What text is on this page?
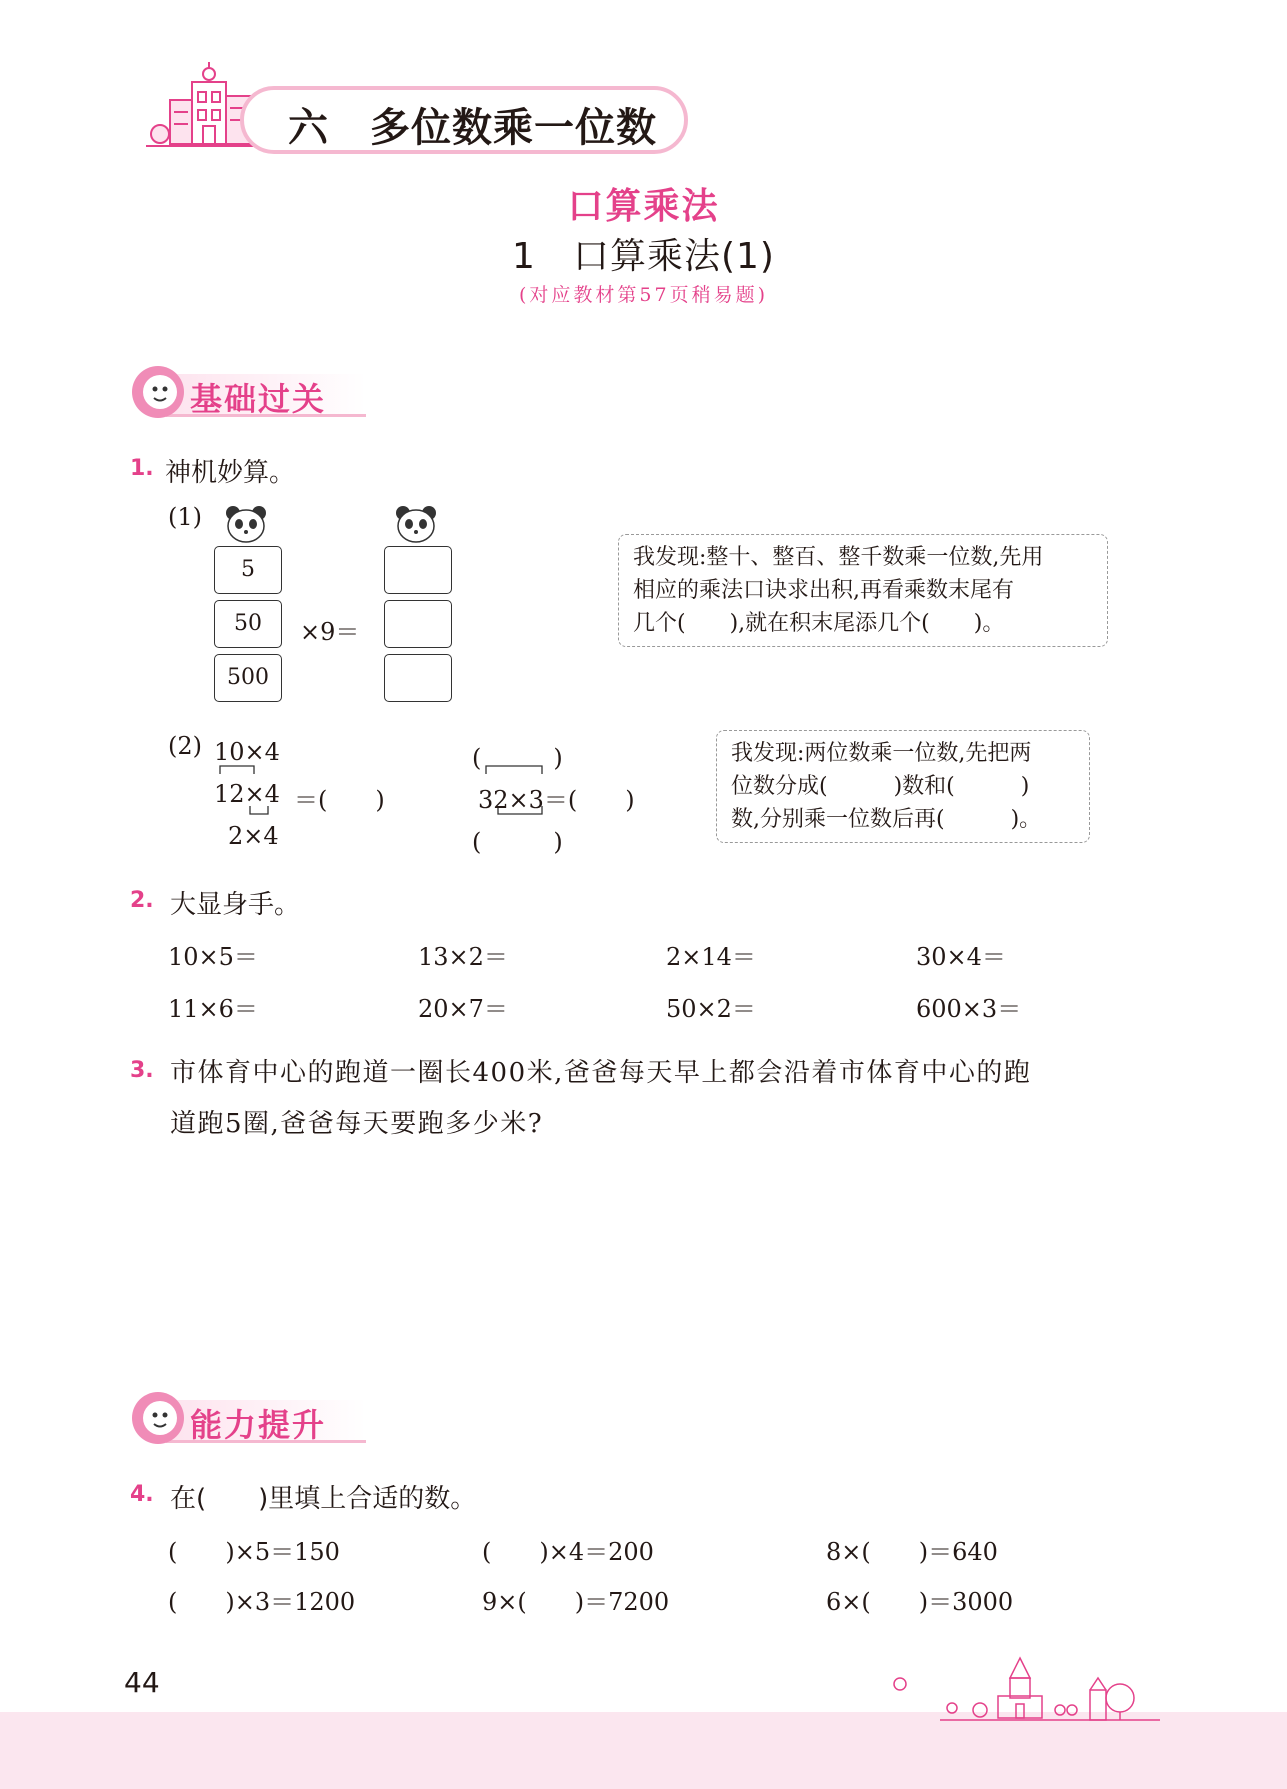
六　多位数乘一位数
口算乘法
1　口算乘法(1)
(对应教材第57页稍易题)
基础过关
1. 神机妙算。
(1)
5
50
500
×9＝
我发现:整十、整百、整千数乘一位数,先用
相应的乘法口诀求出积,再看乘数末尾有
几个(　　),就在积末尾添几个(　　)。
(2) 10×4
12×4 ＝(　　)
2×4
(　　　)
32×3＝(　　)
(　　　)
我发现:两位数乘一位数,先把两
位数分成(　　　)数和(　　　)
数,分别乘一位数后再(　　　)。
2. 大显身手。
10×5＝	13×2＝	2×14＝	30×4＝
11×6＝	20×7＝	50×2＝	600×3＝
3. 市体育中心的跑道一圈长400米,爸爸每天早上都会沿着市体育中心的跑
道跑5圈,爸爸每天要跑多少米?
能力提升
4. 在(　　)里填上合适的数。
(　　)×5＝150	(　　)×4＝200	8×(　　)＝640
(　　)×3＝1200	9×(　　)＝7200	6×(　　)＝3000
44
